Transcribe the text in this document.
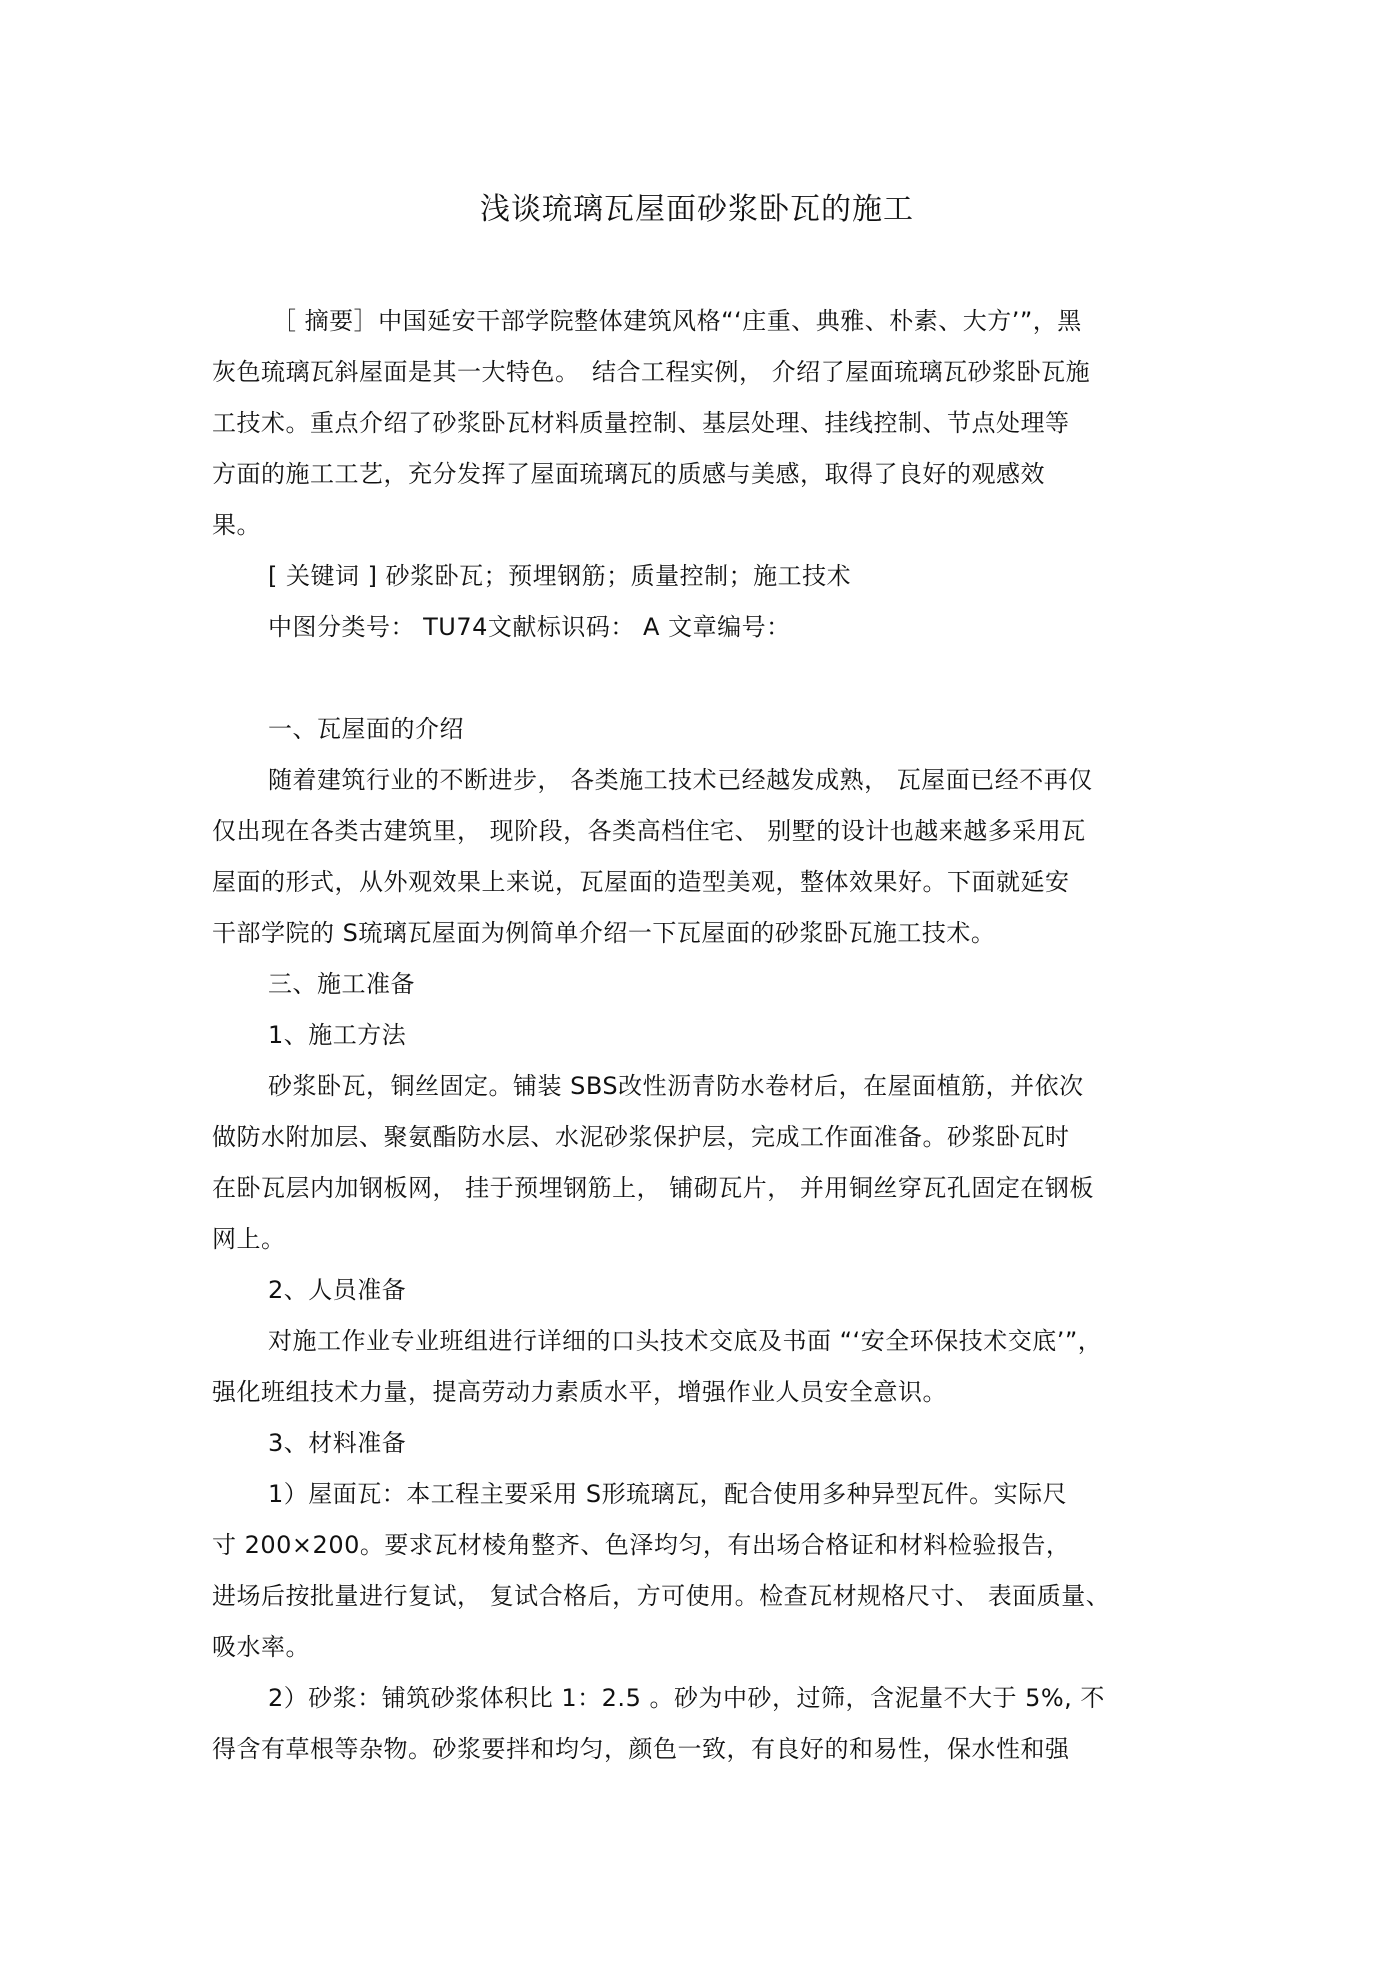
浅谈琉璃瓦屋面砂浆卧瓦的施工
［ 摘要］中国延安干部学院整体建筑风格“‘庄重、典雅、朴素、大方’”，黑
灰色琉璃瓦斜屋面是其一大特色。　结合工程实例， 介绍了屋面琉璃瓦砂浆卧瓦施
工技术。重点介绍了砂浆卧瓦材料质量控制、基层处理、挂线控制、节点处理等
方面的施工工艺，充分发挥了屋面琉璃瓦的质感与美感，取得了良好的观感效
果。
[ 关键词 ] 砂浆卧瓦；预埋钢筋；质量控制；施工技术
中图分类号： TU74文献标识码： A 文章编号：
一、瓦屋面的介绍
随着建筑行业的不断进步， 各类施工技术已经越发成熟， 瓦屋面已经不再仅
仅出现在各类古建筑里， 现阶段，各类高档住宅、 别墅的设计也越来越多采用瓦
屋面的形式，从外观效果上来说，瓦屋面的造型美观，整体效果好。下面就延安
干部学院的 S琉璃瓦屋面为例简单介绍一下瓦屋面的砂浆卧瓦施工技术。
三、施工准备
1、施工方法
砂浆卧瓦，铜丝固定。铺装 SBS改性沥青防水卷材后，在屋面植筋，并依次
做防水附加层、聚氨酯防水层、水泥砂浆保护层，完成工作面准备。砂浆卧瓦时
在卧瓦层内加钢板网， 挂于预埋钢筋上， 铺砌瓦片， 并用铜丝穿瓦孔固定在钢板
网上。
2、人员准备
对施工作业专业班组进行详细的口头技术交底及书面 “‘安全环保技术交底’”，
强化班组技术力量，提高劳动力素质水平，增强作业人员安全意识。
3、材料准备
1）屋面瓦：本工程主要采用 S形琉璃瓦，配合使用多种异型瓦件。实际尺
寸 200×200。要求瓦材棱角整齐、色泽均匀，有出场合格证和材料检验报告，
进场后按批量进行复试， 复试合格后，方可使用。检查瓦材规格尺寸、 表面质量、
吸水率。
2）砂浆：铺筑砂浆体积比 1：2.5 。砂为中砂，过筛，含泥量不大于 5%, 不
得含有草根等杂物。砂浆要拌和均匀，颜色一致，有良好的和易性，保水性和强
